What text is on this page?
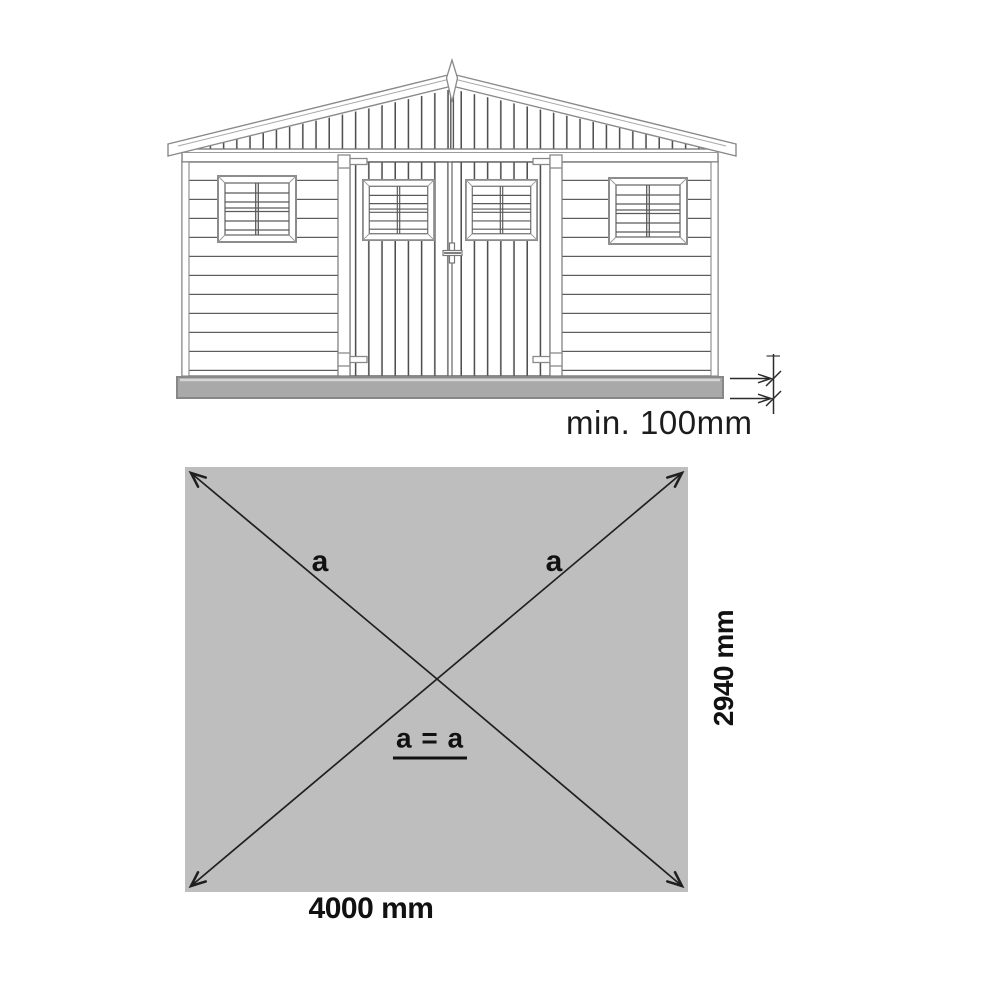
min. 100mm
a	a
a = a
2940 mm
4000 mm
